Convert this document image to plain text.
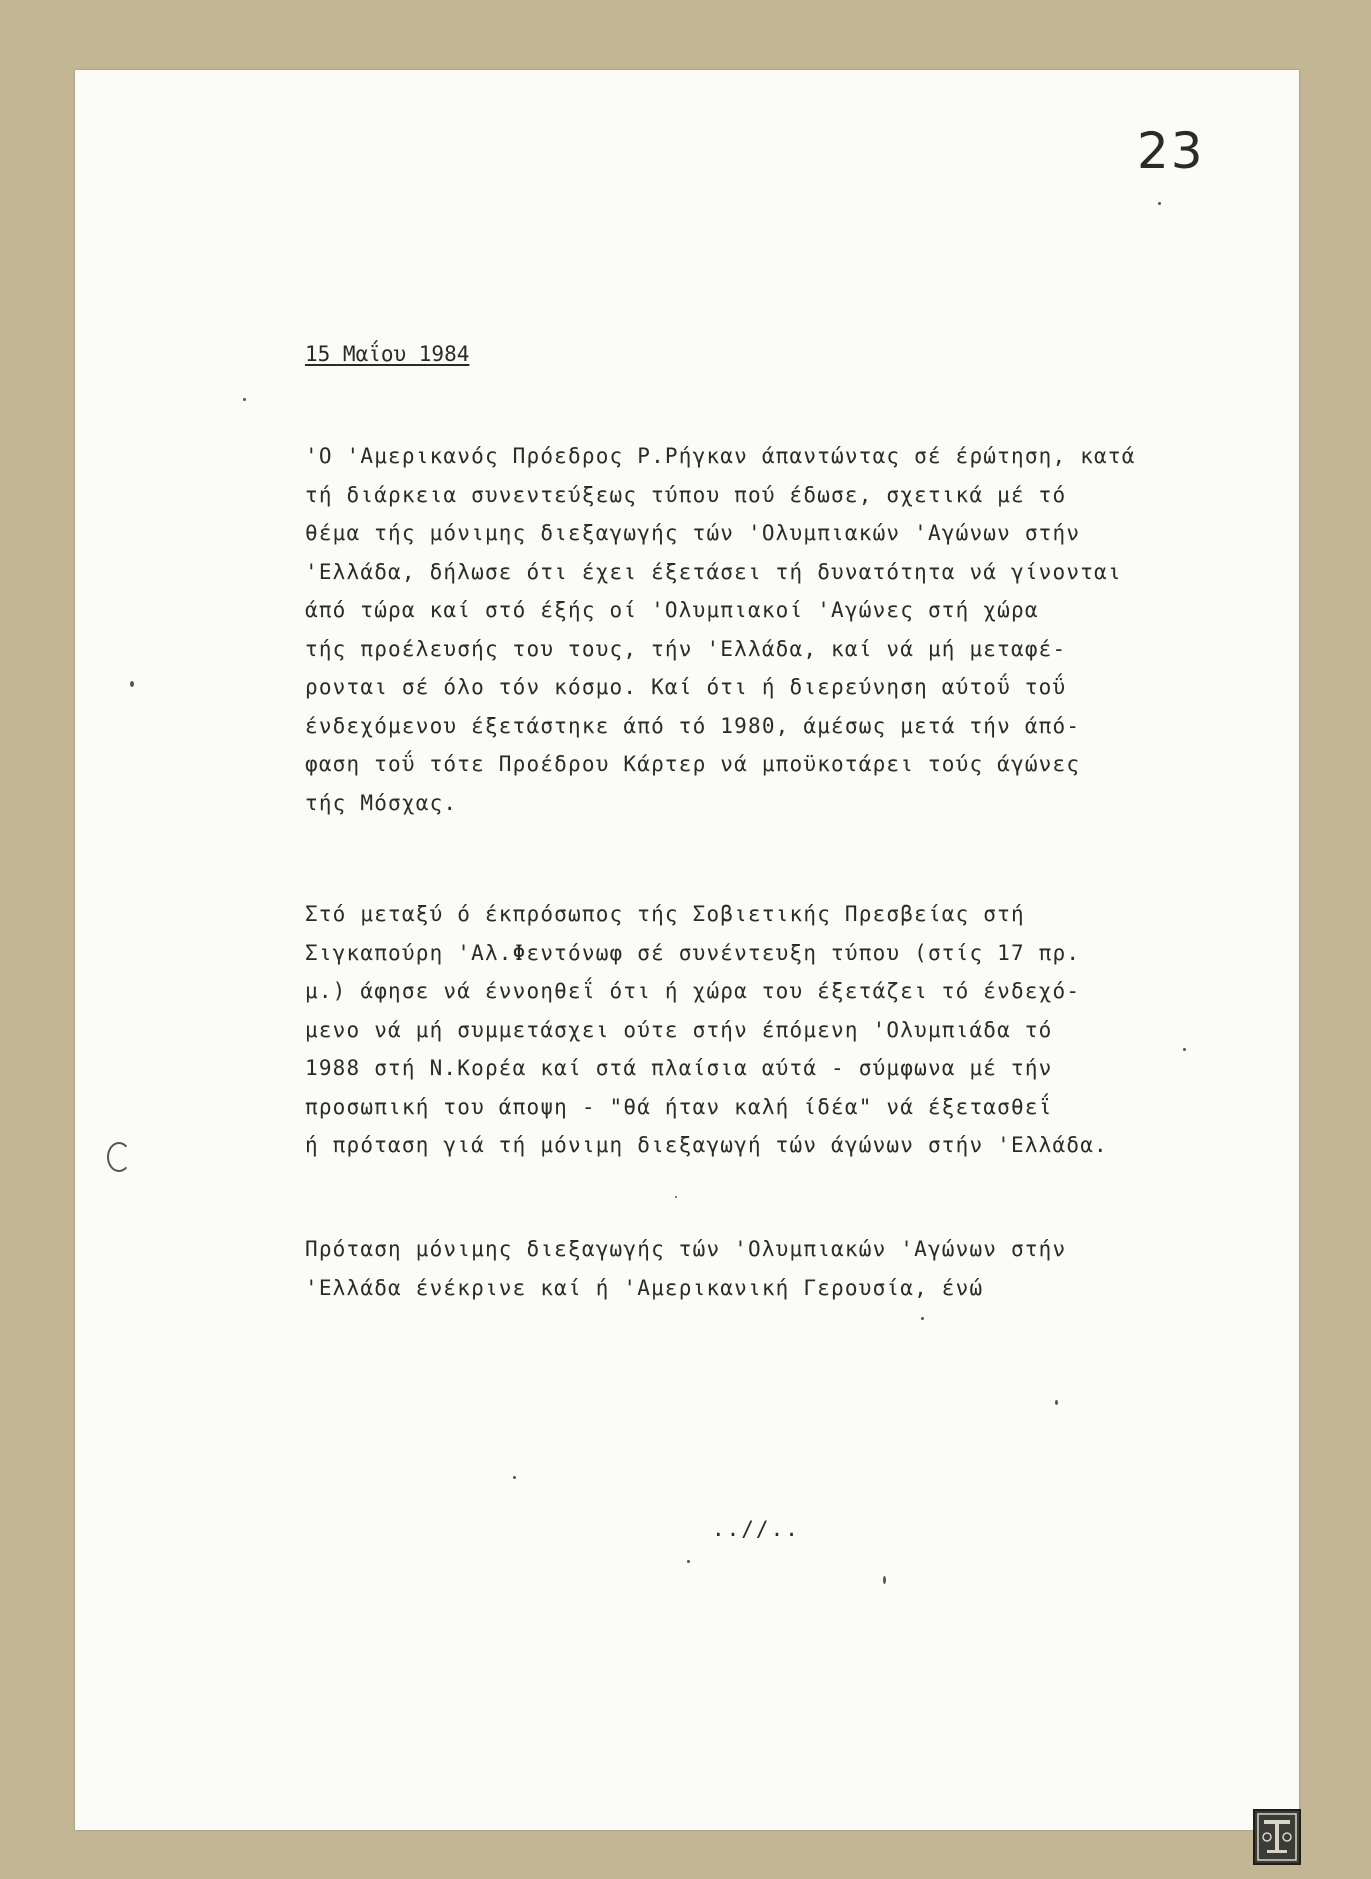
23
15 Μαΐου 1984

'Ο 'Αμερικανός Πρόεδρος Ρ.Ρήγκαν άπαντώντας σέ έρώτηση, κατά
τή διάρκεια συνεντεύξεως τύπου πού έδωσε, σχετικά μέ τό
θέμα τής μόνιμης διεξαγωγής τών 'Ολυμπιακών 'Αγώνων στήν
'Ελλάδα, δήλωσε ότι έχει έξετάσει τή δυνατότητα νά γίνονται
άπό τώρα καί στό έξής οί 'Ολυμπιακοί 'Αγώνες στή χώρα
τής προέλευσής του τους, τήν 'Ελλάδα, καί νά μή μεταφέ-
ρονται σέ όλο τόν κόσμο. Καί ότι ή διερεύνηση αύτοΰ τοΰ
ένδεχόμενου έξετάστηκε άπό τό 1980, άμέσως μετά τήν άπό-
φαση τοΰ τότε Προέδρου Κάρτερ νά μποϋκοτάρει τούς άγώνες
τής Μόσχας.

Στό μεταξύ ό έκπρόσωπος τής Σοβιετικής Πρεσβείας στή
Σιγκαπούρη 'Αλ.Φεντόνωφ σέ συνέντευξη τύπου (στίς 17 πρ.
μ.) άφησε νά έννοηθεΐ ότι ή χώρα του έξετάζει τό ένδεχό-
μενο νά μή συμμετάσχει ούτε στήν έπόμενη 'Ολυμπιάδα τό
1988 στή Ν.Κορέα καί στά πλαίσια αύτά - σύμφωνα μέ τήν
προσωπική του άποψη - "θά ήταν καλή ίδέα" νά έξετασθεΐ
ή πρόταση γιά τή μόνιμη διεξαγωγή τών άγώνων στήν 'Ελλάδα.

Πρόταση μόνιμης διεξαγωγής τών 'Ολυμπιακών 'Αγώνων στήν
'Ελλάδα ένέκρινε καί ή 'Αμερικανική Γερουσία, ένώ

..//..
